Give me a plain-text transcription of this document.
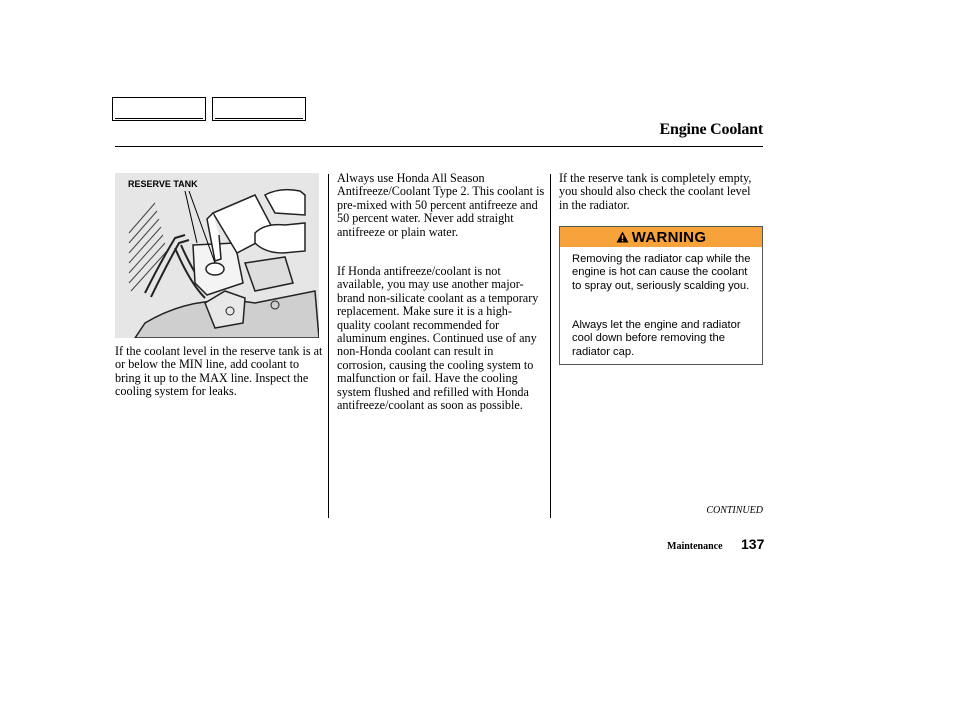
Engine Coolant
RESERVE TANK

If the coolant level in the reserve tank is at or below the MIN line, add coolant to bring it up to the MAX line. Inspect the cooling system for leaks.

Always use Honda All Season Antifreeze/Coolant Type 2. This coolant is pre-mixed with 50 percent antifreeze and 50 percent water. Never add straight antifreeze or plain water.

If Honda antifreeze/coolant is not available, you may use another major-brand non-silicate coolant as a temporary replacement. Make sure it is a high-quality coolant recommended for aluminum engines. Continued use of any non-Honda coolant can result in corrosion, causing the cooling system to malfunction or fail. Have the cooling system flushed and refilled with Honda antifreeze/coolant as soon as possible.

If the reserve tank is completely empty, you should also check the coolant level in the radiator.

WARNING

Removing the radiator cap while the engine is hot can cause the coolant to spray out, seriously scalding you.

Always let the engine and radiator cool down before removing the radiator cap.

CONTINUED
Maintenance 137
